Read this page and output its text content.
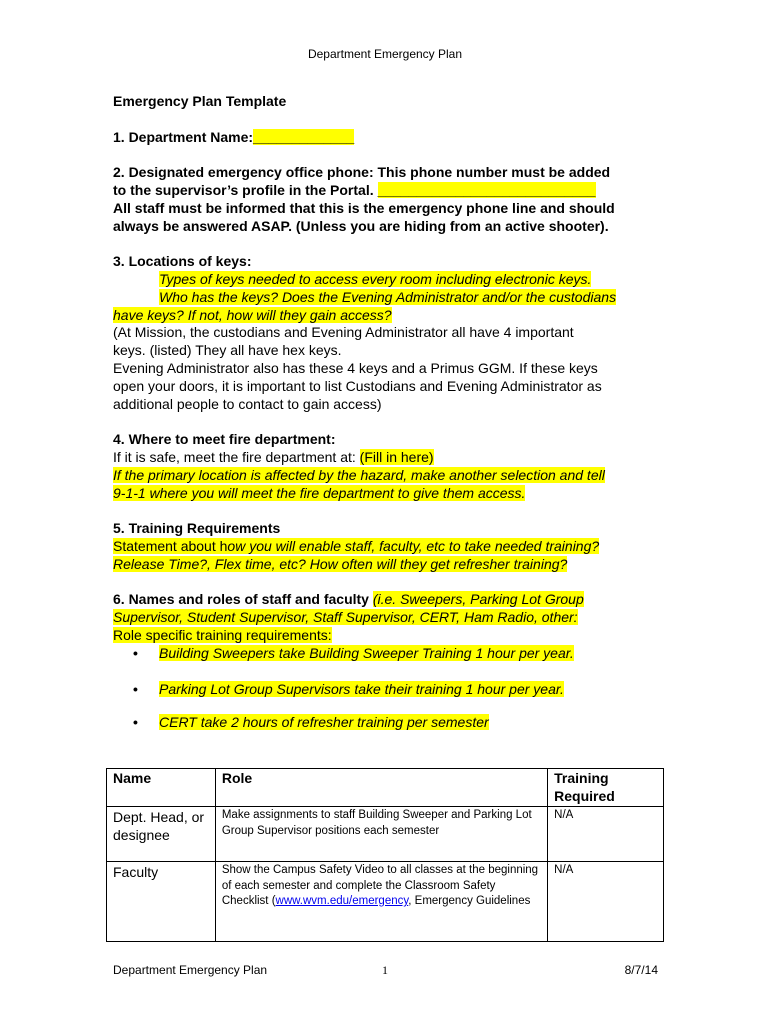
Department Emergency Plan

Emergency Plan Template

1. Department Name:_____________

2. Designated emergency office phone: This phone number must be added

to the supervisor’s profile in the Portal. ____________________________

All staff must be informed that this is the emergency phone line and should

always be answered ASAP. (Unless you are hiding from an active shooter).

3. Locations of keys:

Types of keys needed to access every room including electronic keys.

Who has the keys? Does the Evening Administrator and/or the custodians

have keys? If not, how will they gain access?

(At Mission, the custodians and Evening Administrator all have 4 important

keys. (listed) They all have hex keys.

Evening Administrator also has these 4 keys and a Primus GGM. If these keys

open your doors, it is important to list Custodians and Evening Administrator as

additional people to contact to gain access)

4. Where to meet fire department:

If it is safe, meet the fire department at: (Fill in here)

If the primary location is affected by the hazard, make another selection and tell

9-1-1 where you will meet the fire department to give them access.

5. Training Requirements

Statement about how you will enable staff, faculty, etc to take needed training?

Release Time?, Flex time, etc? How often will they get refresher training?

6. Names and roles of staff and faculty (i.e. Sweepers, Parking Lot Group

Supervisor, Student Supervisor, Staff Supervisor, CERT, Ham Radio, other:

Role specific training requirements:

• Building Sweepers take Building Sweeper Training 1 hour per year.

• Parking Lot Group Supervisors take their training 1 hour per year.

• CERT take 2 hours of refresher training per semester

Name	Role	Training Required
Dept. Head, or designee	Make assignments to staff Building Sweeper and Parking Lot Group Supervisor positions each semester	N/A
Faculty	Show the Campus Safety Video to all classes at the beginning of each semester and complete the Classroom Safety Checklist (www.wvm.edu/emergency, Emergency Guidelines	N/A
Department Emergency Plan	1	8/7/14
